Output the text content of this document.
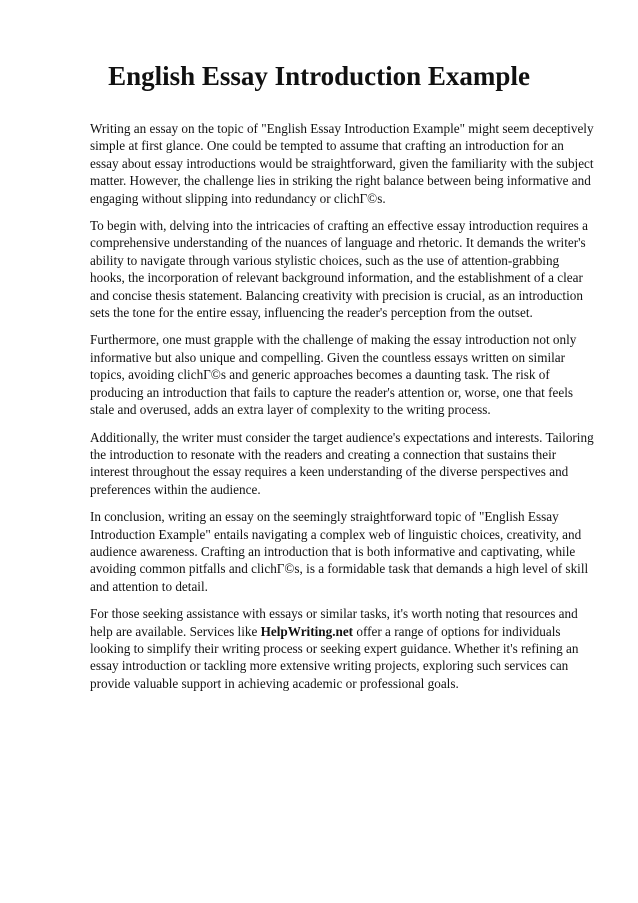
English Essay Introduction Example

Writing an essay on the topic of "English Essay Introduction Example" might seem deceptively simple at first glance. One could be tempted to assume that crafting an introduction for an essay about essay introductions would be straightforward, given the familiarity with the subject matter. However, the challenge lies in striking the right balance between being informative and engaging without slipping into redundancy or clichΓ©s.

To begin with, delving into the intricacies of crafting an effective essay introduction requires a comprehensive understanding of the nuances of language and rhetoric. It demands the writer's ability to navigate through various stylistic choices, such as the use of attention-grabbing hooks, the incorporation of relevant background information, and the establishment of a clear and concise thesis statement. Balancing creativity with precision is crucial, as an introduction sets the tone for the entire essay, influencing the reader's perception from the outset.

Furthermore, one must grapple with the challenge of making the essay introduction not only informative but also unique and compelling. Given the countless essays written on similar topics, avoiding clichΓ©s and generic approaches becomes a daunting task. The risk of producing an introduction that fails to capture the reader's attention or, worse, one that feels stale and overused, adds an extra layer of complexity to the writing process.

Additionally, the writer must consider the target audience's expectations and interests. Tailoring the introduction to resonate with the readers and creating a connection that sustains their interest throughout the essay requires a keen understanding of the diverse perspectives and preferences within the audience.

In conclusion, writing an essay on the seemingly straightforward topic of "English Essay Introduction Example" entails navigating a complex web of linguistic choices, creativity, and audience awareness. Crafting an introduction that is both informative and captivating, while avoiding common pitfalls and clichΓ©s, is a formidable task that demands a high level of skill and attention to detail.

For those seeking assistance with essays or similar tasks, it's worth noting that resources and help are available. Services like HelpWriting.net offer a range of options for individuals looking to simplify their writing process or seeking expert guidance. Whether it's refining an essay introduction or tackling more extensive writing projects, exploring such services can provide valuable support in achieving academic or professional goals.
